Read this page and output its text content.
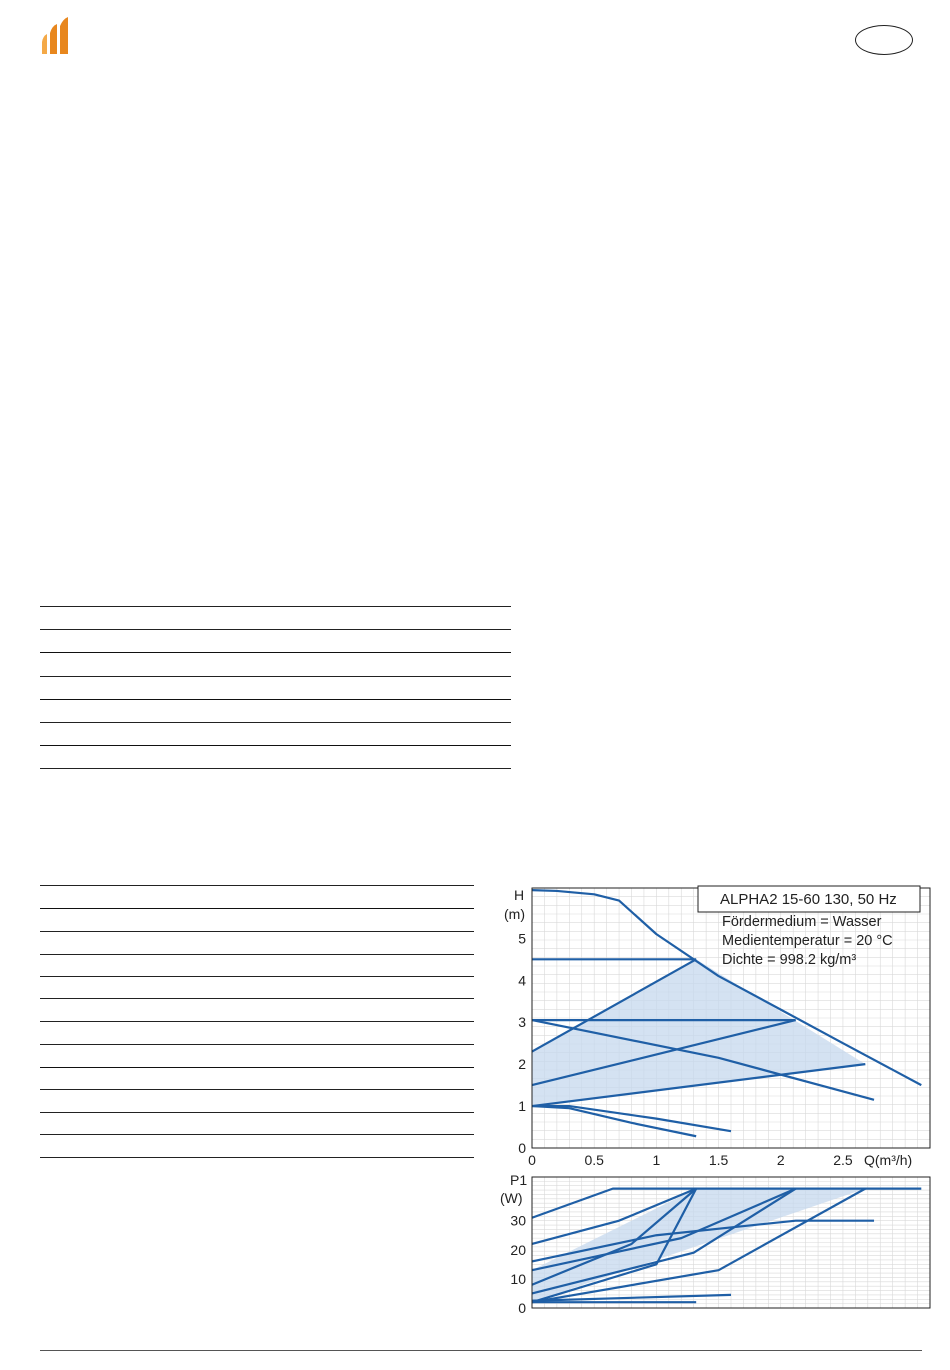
0
1
2
3
4
5
0	0.5	1	1.5	2	2.5
0
10
20
30
ALPHA2 15-60 130, 50 Hz
Fördermedium = Wasser
Medientemperatur = 20 °C
Dichte = 998.2 kg/m³
H
(m)
Q(m³/h)
P1
(W)
